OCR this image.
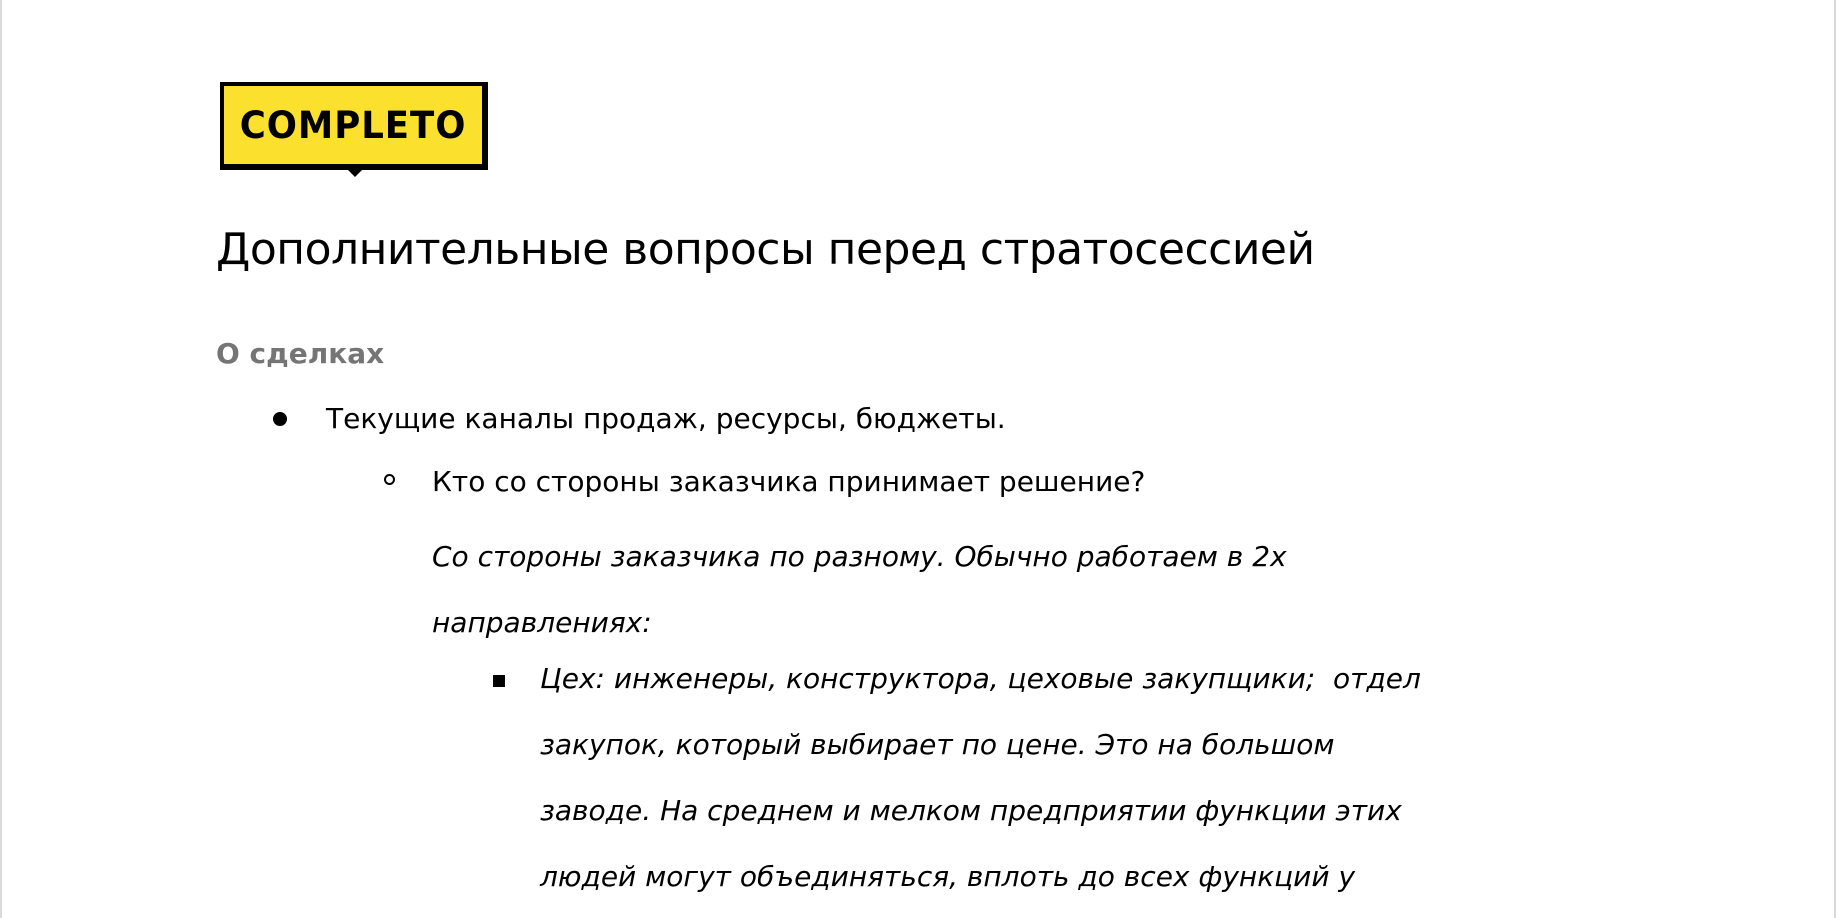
COMPLETO
Дополнительные вопросы перед стратосессией
О сделках
Текущие каналы продаж, ресурсы, бюджеты.
Кто со стороны заказчика принимает решение?
Со стороны заказчика по разному. Обычно работаем в 2х
направлениях:
Цех: инженеры, конструктора, цеховые закупщики;  отдел
закупок, который выбирает по цене. Это на большом
заводе. На среднем и мелком предприятии функции этих
людей могут объединяться, вплоть до всех функций у
